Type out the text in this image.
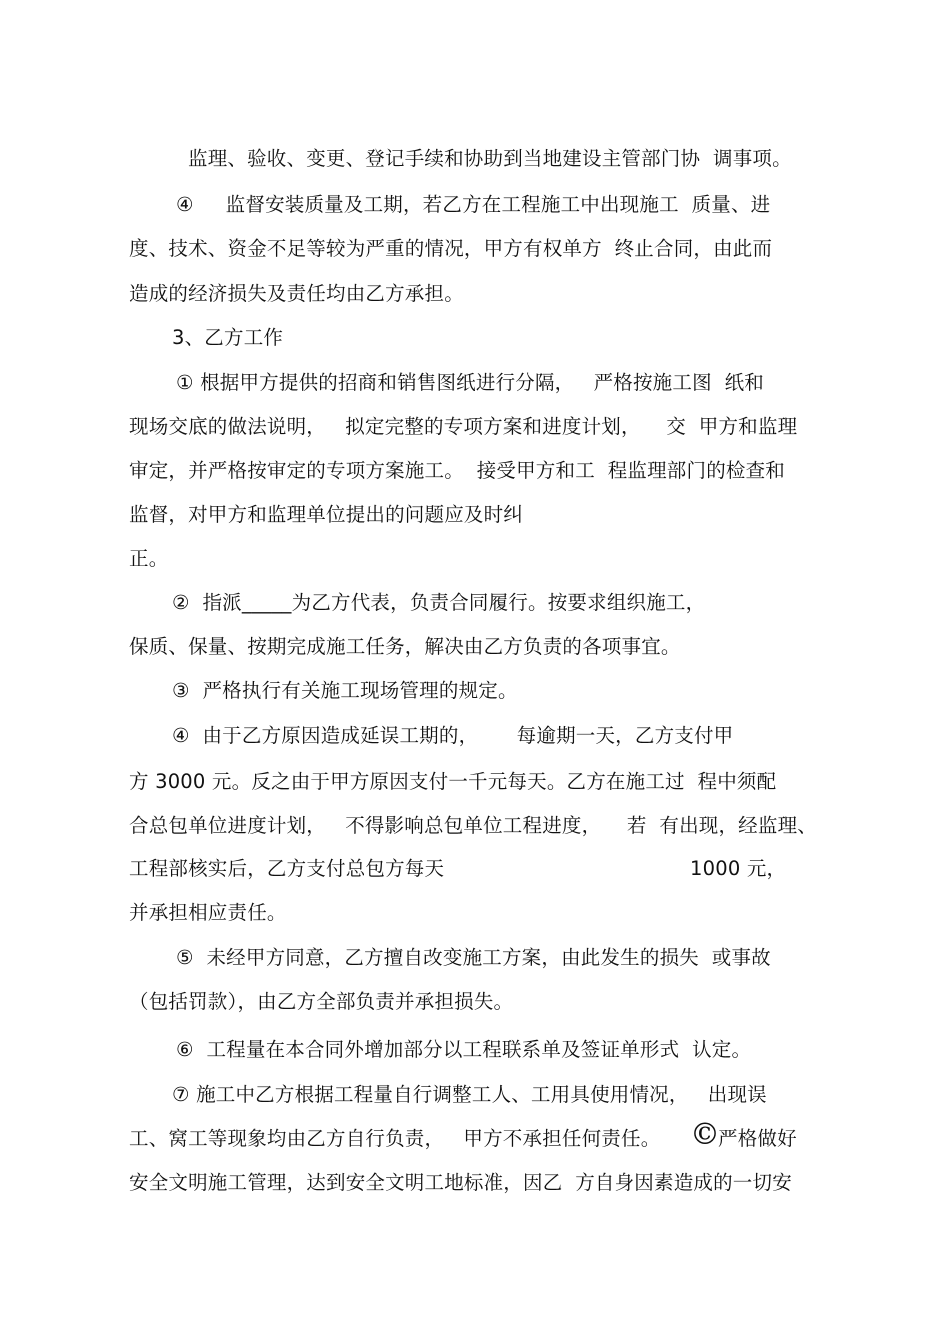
监理、验收、变更、登记手续和协助到当地建设主管部门协  调事项。
④     监督安装质量及工期，若乙方在工程施工中出现施工  质量、进
度、技术、资金不足等较为严重的情况，甲方有权单方  终止合同，由此而
造成的经济损失及责任均由乙方承担。
3、乙方工作
① 根据甲方提供的招商和销售图纸进行分隔，   严格按施工图  纸和
现场交底的做法说明，   拟定完整的专项方案和进度计划，    交  甲方和监理
审定，并严格按审定的专项方案施工。  接受甲方和工  程监理部门的检查和
监督，对甲方和监理单位提出的问题应及时纠
正。
②  指派_____为乙方代表，负责合同履行。按要求组织施工，
保质、保量、按期完成施工任务，解决由乙方负责的各项事宜。
③  严格执行有关施工现场管理的规定。
④  由于乙方原因造成延误工期的，      每逾期一天，乙方支付甲
方 3000 元。反之由于甲方原因支付一千元每天。乙方在施工过  程中须配
合总包单位进度计划，   不得影响总包单位工程进度，    若  有出现，经监理、
工程部核实后，乙方支付总包方每天	1000 元，
并承担相应责任。
⑤  未经甲方同意，乙方擅自改变施工方案，由此发生的损失  或事故
（包括罚款），由乙方全部负责并承担损失。
⑥  工程量在本合同外增加部分以工程联系单及签证单形式  认定。
⑦ 施工中乙方根据工程量自行调整工人、工用具使用情况，   出现误
工、窝工等现象均由乙方自行负责，   甲方不承担任何责任。 ©
严格做好
安全文明施工管理，达到安全文明工地标准，因乙  方自身因素造成的一切安
